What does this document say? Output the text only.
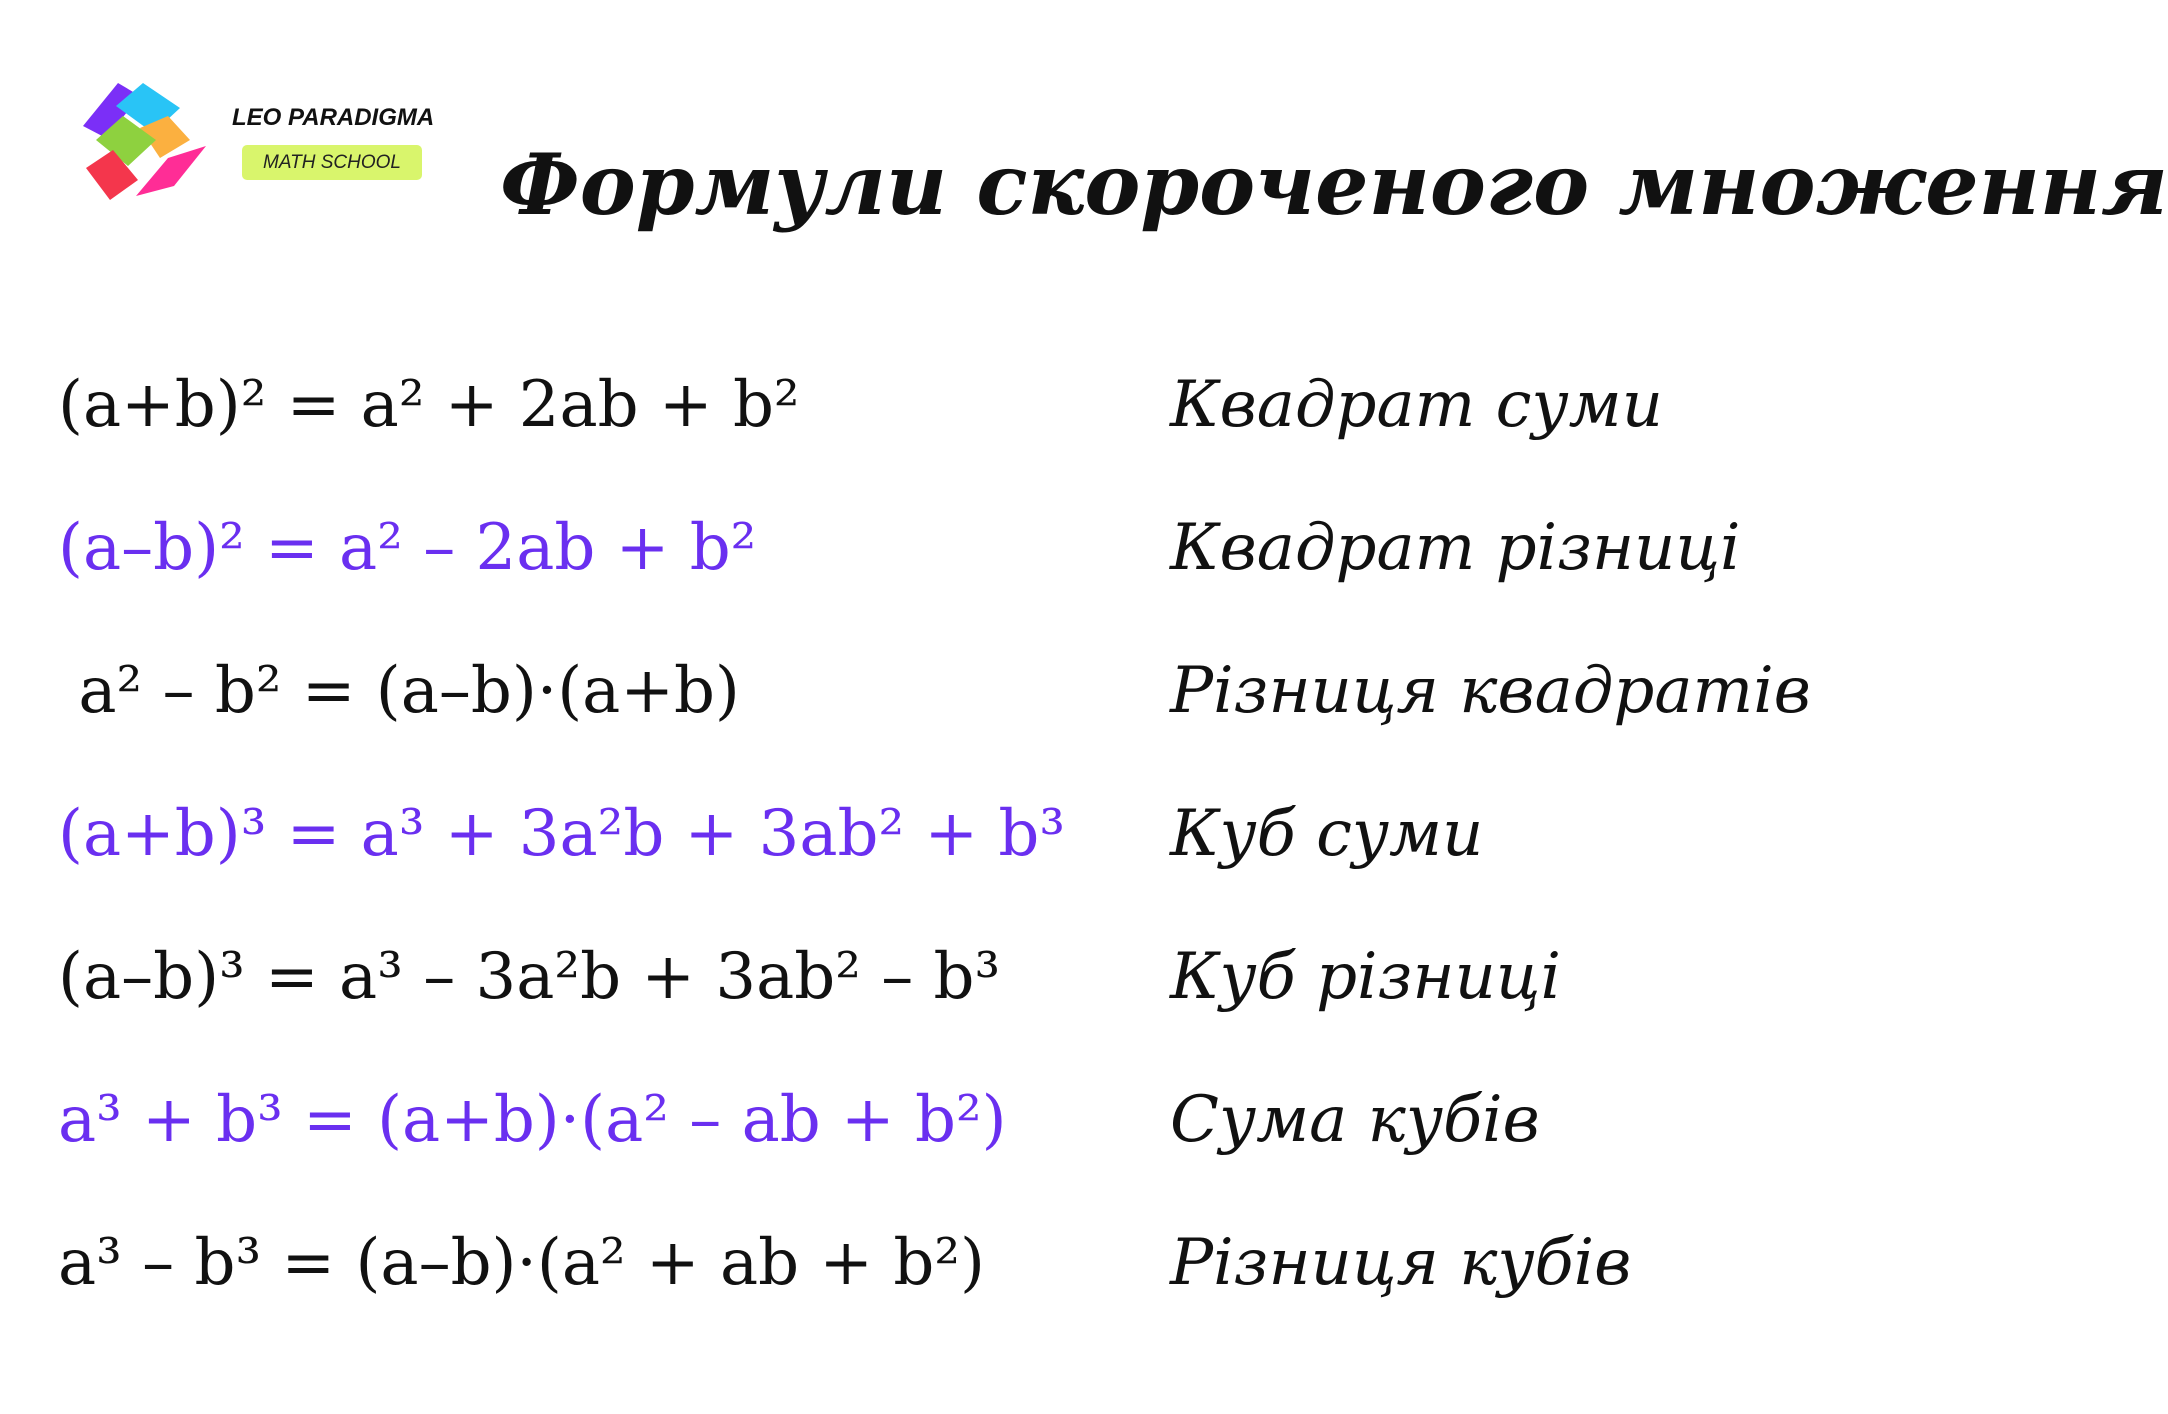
LEO PARADIGMA
MATH SCHOOL Формули скороченого множення
(a+b)² = a² + 2ab + b²	Квадрат суми
(a–b)² = a² – 2ab + b²	Квадрат різниці
a² – b² = (a–b)·(a+b)	Різниця квадратів
(a+b)³ = a³ + 3a²b + 3ab² + b³ Куб суми
(a–b)³ = a³ – 3a²b + 3ab² – b³	Куб різниці
a³ + b³ = (a+b)·(a² – ab + b²)	Сума кубів
a³ – b³ = (a–b)·(a² + ab + b²)	Різниця кубів
